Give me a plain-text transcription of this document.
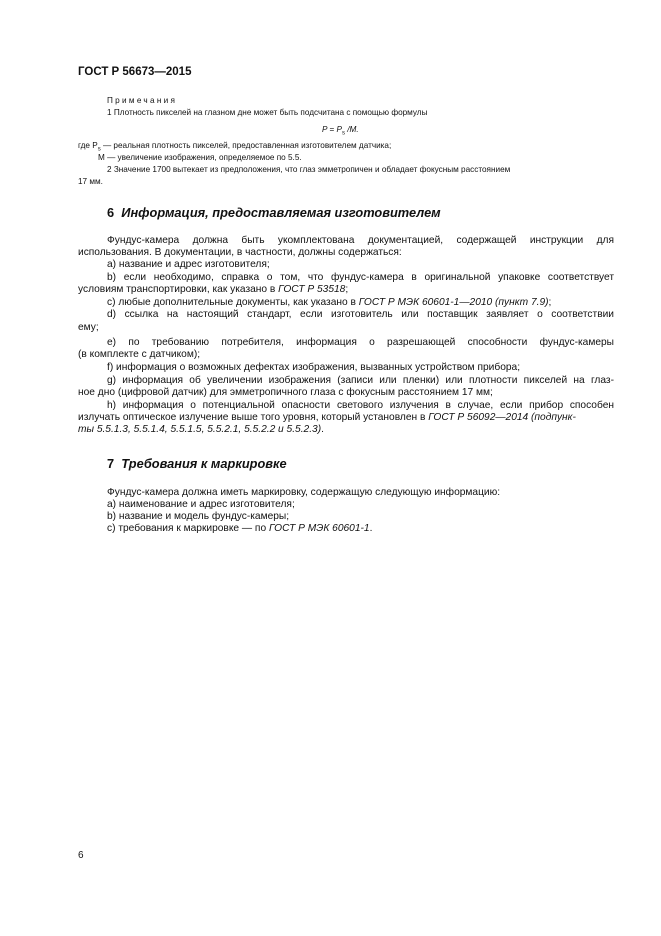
ГОСТ Р 56673—2015
Примечания
1 Плотность пикселей на глазном дне может быть подсчитана с помощью формулы
$P = P_s$ /M.
где $P_s$ — реальная плотность пикселей, предоставленная изготовителем датчика;
M — увеличение изображения, определяемое по 5.5.
2 Значение 1700 вытекает из предположения, что глаз эмметропичен и обладает фокусным расстоянием
17 мм.
6 Информация, предоставляемая изготовителем
Фундус-камера должна быть укомплектована документацией, содержащей инструкции для
использования. В документации, в частности, должны содержаться:
а) название и адрес изготовителя;
b) если необходимо, справка о том, что фундус-камера в оригинальной упаковке соответствует
условиям транспортировки, как указано в ГОСТ Р 53518;
с) любые дополнительные документы, как указано в ГОСТ Р МЭК 60601-1—2010 (пункт 7.9);
d) ссылка на настоящий стандарт, если изготовитель или поставщик заявляет о соответствии
ему;
е) по требованию потребителя, информация о разрешающей способности фундус-камеры
(в комплекте с датчиком);
f) информация о возможных дефектах изображения, вызванных устройством прибора;
g) информация об увеличении изображения (записи или пленки) или плотности пикселей на глаз-
ное дно (цифровой датчик) для эмметропичного глаза с фокусным расстоянием 17 мм;
h) информация о потенциальной опасности светового излучения в случае, если прибор способен
излучать оптическое излучение выше того уровня, который установлен в ГОСТ Р 56092—2014 (подпунк-
ты 5.5.1.3, 5.5.1.4, 5.5.1.5, 5.5.2.1, 5.5.2.2 и 5.5.2.3).
7 Требования к маркировке
Фундус-камера должна иметь маркировку, содержащую следующую информацию:
а) наименование и адрес изготовителя;
b) название и модель фундус-камеры;
с) требования к маркировке — по ГОСТ Р МЭК 60601-1.
6
